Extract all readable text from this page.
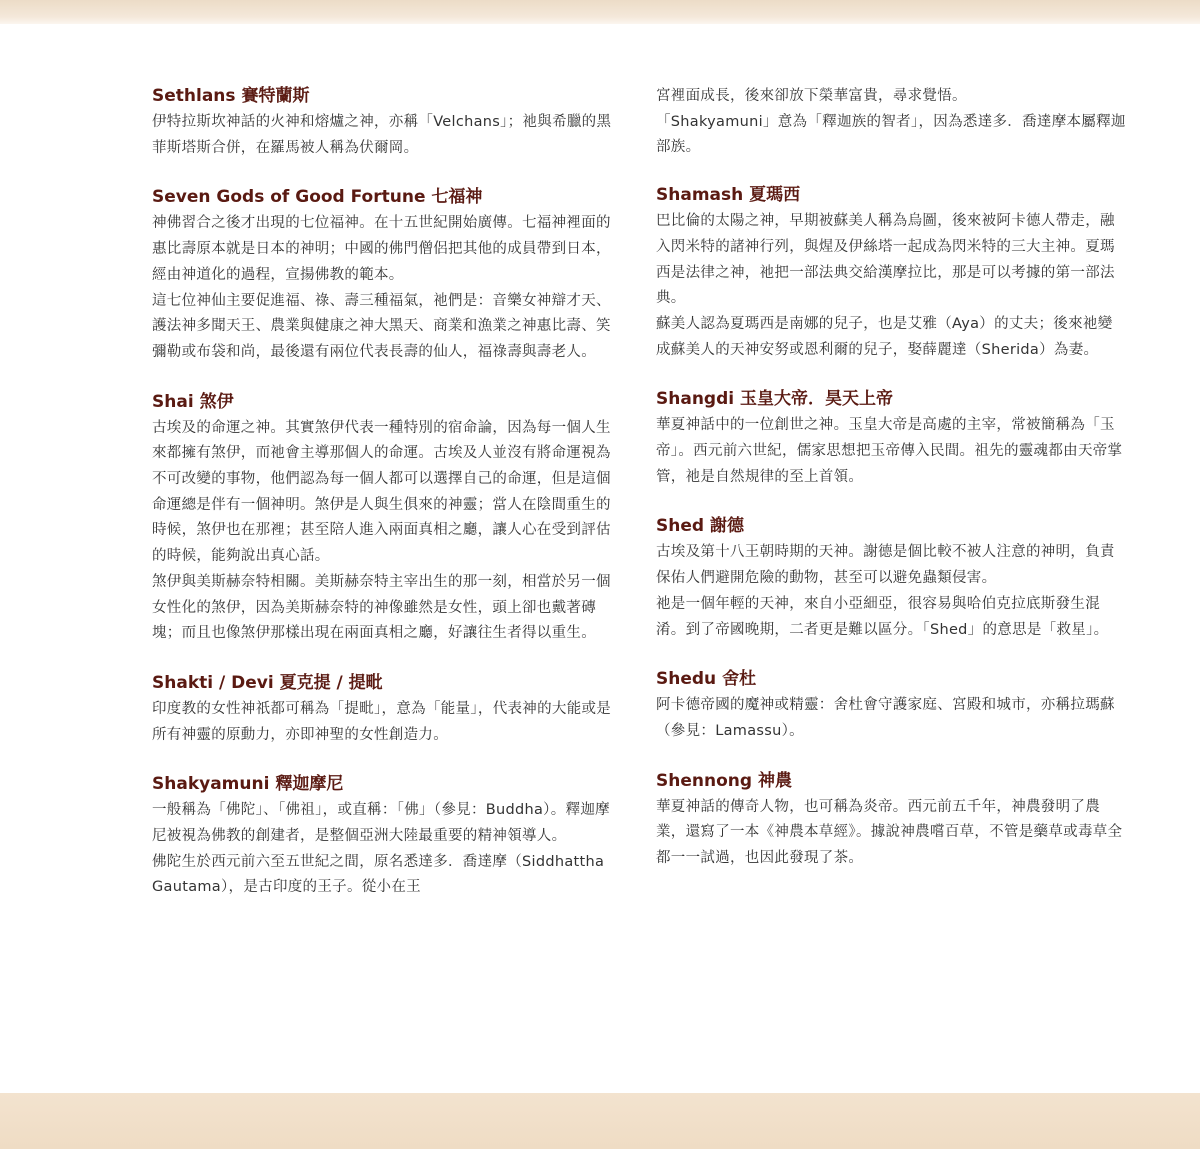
Sethlans 賽特蘭斯

伊特拉斯坎神話的火神和熔爐之神，亦稱「Velchans」；祂與希臘的黑菲斯塔斯合併，在羅馬被人稱為伏爾岡。

Seven Gods of Good Fortune 七福神

神佛習合之後才出現的七位福神。在十五世紀開始廣傳。七福神裡面的惠比壽原本就是日本的神明；中國的佛門僧侶把其他的成員帶到日本，經由神道化的過程，宣揚佛教的範本。

這七位神仙主要促進福、祿、壽三種福氣，祂們是：音樂女神辯才天、護法神多聞天王、農業與健康之神大黑天、商業和漁業之神惠比壽、笑彌勒或布袋和尚，最後還有兩位代表長壽的仙人，福祿壽與壽老人。

Shai 煞伊

古埃及的命運之神。其實煞伊代表一種特別的宿命論，因為每一個人生來都擁有煞伊，而祂會主導那個人的命運。古埃及人並沒有將命運視為不可改變的事物，他們認為每一個人都可以選擇自己的命運，但是這個命運總是伴有一個神明。煞伊是人與生俱來的神靈；當人在陰間重生的時候，煞伊也在那裡；甚至陪人進入兩面真相之廳，讓人心在受到評估的時候，能夠說出真心話。

煞伊與美斯赫奈特相關。美斯赫奈特主宰出生的那一刻，相當於另一個女性化的煞伊，因為美斯赫奈特的神像雖然是女性，頭上卻也戴著磚塊；而且也像煞伊那樣出現在兩面真相之廳，好讓往生者得以重生。

Shakti / Devi 夏克提 / 提毗

印度教的女性神祇都可稱為「提毗」，意為「能量」，代表神的大能或是所有神靈的原動力，亦即神聖的女性創造力。

Shakyamuni 釋迦摩尼

一般稱為「佛陀」、「佛祖」，或直稱：「佛」（參見：Buddha）。釋迦摩尼被視為佛教的創建者，是整個亞洲大陸最重要的精神領導人。

佛陀生於西元前六至五世紀之間，原名悉達多．喬達摩（Siddhattha Gautama），是古印度的王子。從小在王

宮裡面成長，後來卻放下榮華富貴，尋求覺悟。

「Shakyamuni」意為「釋迦族的智者」，因為悉達多．喬達摩本屬釋迦部族。

Shamash 夏瑪西

巴比倫的太陽之神，早期被蘇美人稱為烏圖，後來被阿卡德人帶走，融入閃米特的諸神行列，與煋及伊絲塔一起成為閃米特的三大主神。夏瑪西是法律之神，祂把一部法典交給漢摩拉比，那是可以考據的第一部法典。

蘇美人認為夏瑪西是南娜的兒子，也是艾雅（Aya）的丈夫；後來祂變成蘇美人的天神安努或恩利爾的兒子，娶薛麗達（Sherida）為妻。

Shangdi 玉皇大帝．昊天上帝

華夏神話中的一位創世之神。玉皇大帝是高處的主宰，常被簡稱為「玉帝」。西元前六世紀，儒家思想把玉帝傳入民間。祖先的靈魂都由天帝掌管，祂是自然規律的至上首領。

Shed 謝德

古埃及第十八王朝時期的天神。謝德是個比較不被人注意的神明，負責保佑人們避開危險的動物，甚至可以避免蟲類侵害。

祂是一個年輕的天神，來自小亞細亞，很容易與哈伯克拉底斯發生混淆。到了帝國晚期，二者更是難以區分。「Shed」的意思是「救星」。

Shedu 舍杜

阿卡德帝國的魔神或精靈：舍杜會守護家庭、宮殿和城市，亦稱拉瑪蘇（參見：Lamassu）。

Shennong 神農

華夏神話的傳奇人物，也可稱為炎帝。西元前五千年，神農發明了農業，還寫了一本《神農本草經》。據說神農嚐百草，不管是藥草或毒草全都一一試過，也因此發現了茶。
